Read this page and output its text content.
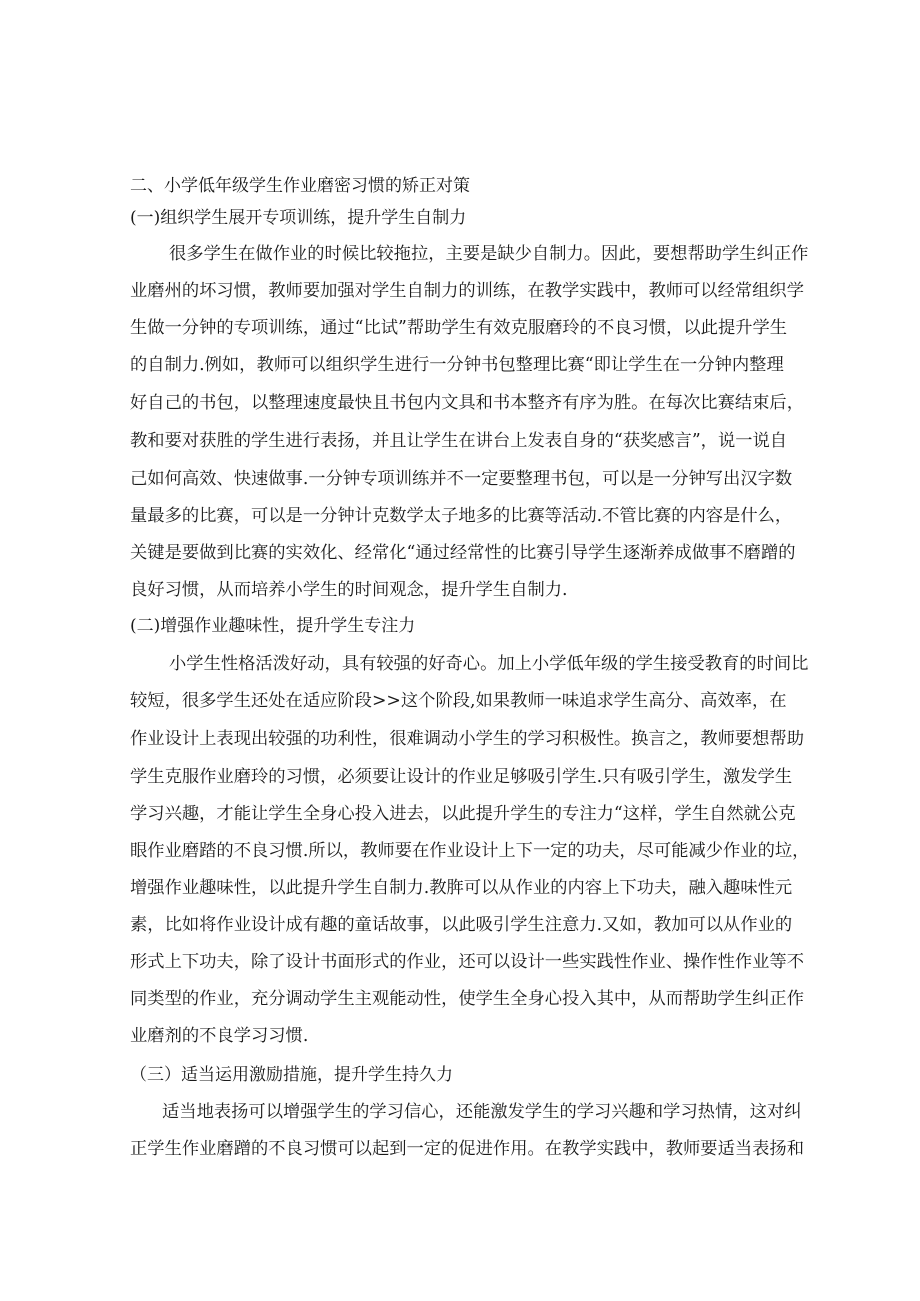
二、小学低年级学生作业磨密习惯的矫正对策
(一)组织学生展开专项训练，提升学生自制力
很多学生在做作业的时候比较拖拉，主要是缺少自制力。因此，要想帮助学生纠正作
业磨州的坏习惯，教师要加强对学生自制力的训练，在教学实践中，教师可以经常组织学
生做一分钟的专项训练，通过“比试”帮助学生有效克服磨玲的不良习惯，以此提升学生
的自制力.例如，教师可以组织学生进行一分钟书包整理比赛“即让学生在一分钟内整理
好自己的书包，以整理速度最快且书包内文具和书本整齐有序为胜。在每次比赛结束后，
教和要对获胜的学生进行表扬，并且让学生在讲台上发表自身的“获奖感言”，说一说自
己如何高效、快速做事.一分钟专项训练并不一定要整理书包，可以是一分钟写出汉字数
量最多的比赛，可以是一分钟计克数学太子地多的比赛等活动.不管比赛的内容是什么，
关键是要做到比赛的实效化、经常化“通过经常性的比赛引导学生逐渐养成做事不磨蹭的
良好习惯，从而培养小学生的时间观念，提升学生自制力.
(二)增强作业趣味性，提升学生专注力
小学生性格活泼好动，具有较强的好奇心。加上小学低年级的学生接受教育的时间比
较短，很多学生还处在适应阶段>>这个阶段,如果教师一味追求学生高分、高效率，在
作业设计上表现出较强的功利性，很难调动小学生的学习积极性。换言之，教师要想帮助
学生克服作业磨玲的习惯，必须要让设计的作业足够吸引学生.只有吸引学生，激发学生
学习兴趣，才能让学生全身心投入进去，以此提升学生的专注力“这样，学生自然就公克
眼作业磨踏的不良习惯.所以，教师要在作业设计上下一定的功夫，尽可能减少作业的垃，
增强作业趣味性，以此提升学生自制力.教脌可以从作业的内容上下功夫，融入趣味性元
素，比如将作业设计成有趣的童话故事，以此吸引学生注意力.又如，教加可以从作业的
形式上下功夫，除了设计书面形式的作业，还可以设计一些实践性作业、操作性作业等不
同类型的作业，充分调动学生主观能动性，使学生全身心投入其中，从而帮助学生纠正作
业磨剂的不良学习习惯.
（三）适当运用激励措施，提升学生持久力
适当地表扬可以增强学生的学习信心，还能激发学生的学习兴趣和学习热情，这对纠
正学生作业磨蹭的不良习惯可以起到一定的促进作用。在教学实践中，教师要适当表扬和
